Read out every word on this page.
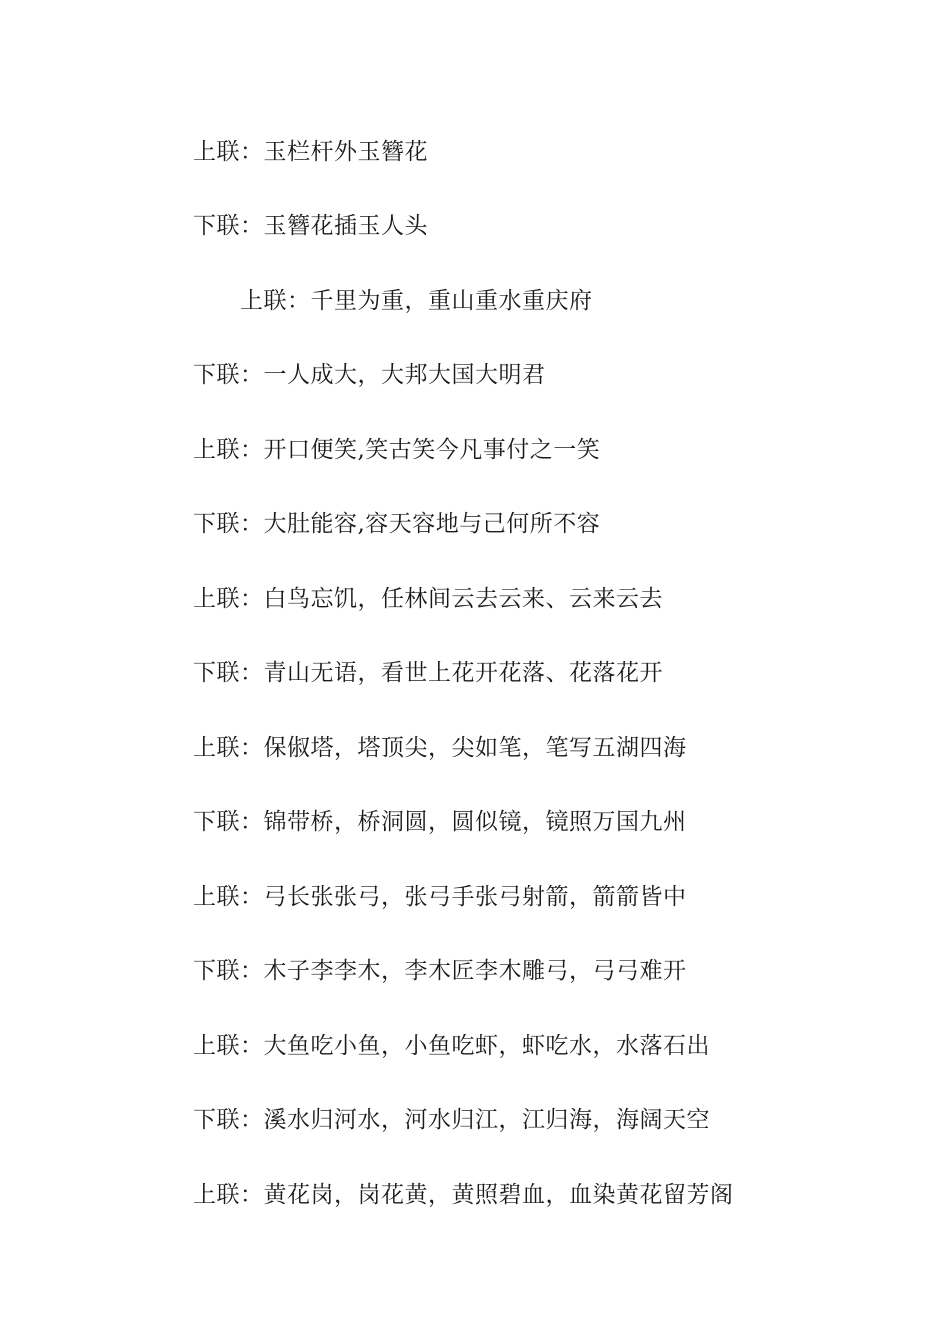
上联：玉栏杆外玉簪花

下联：玉簪花插玉人头

上联：千里为重，重山重水重庆府

下联：一人成大，大邦大国大明君

上联：开口便笑,笑古笑今凡事付之一笑

下联：大肚能容,容天容地与己何所不容

上联：白鸟忘饥，任林间云去云来、云来云去

下联：青山无语，看世上花开花落、花落花开

上联：保俶塔，塔顶尖，尖如笔，笔写五湖四海

下联：锦带桥，桥洞圆，圆似镜，镜照万国九州

上联：弓长张张弓，张弓手张弓射箭，箭箭皆中

下联：木子李李木，李木匠李木雕弓，弓弓难开

上联：大鱼吃小鱼，小鱼吃虾，虾吃水，水落石出

下联：溪水归河水，河水归江，江归海，海阔天空

上联：黄花岗，岗花黄，黄照碧血，血染黄花留芳阁
